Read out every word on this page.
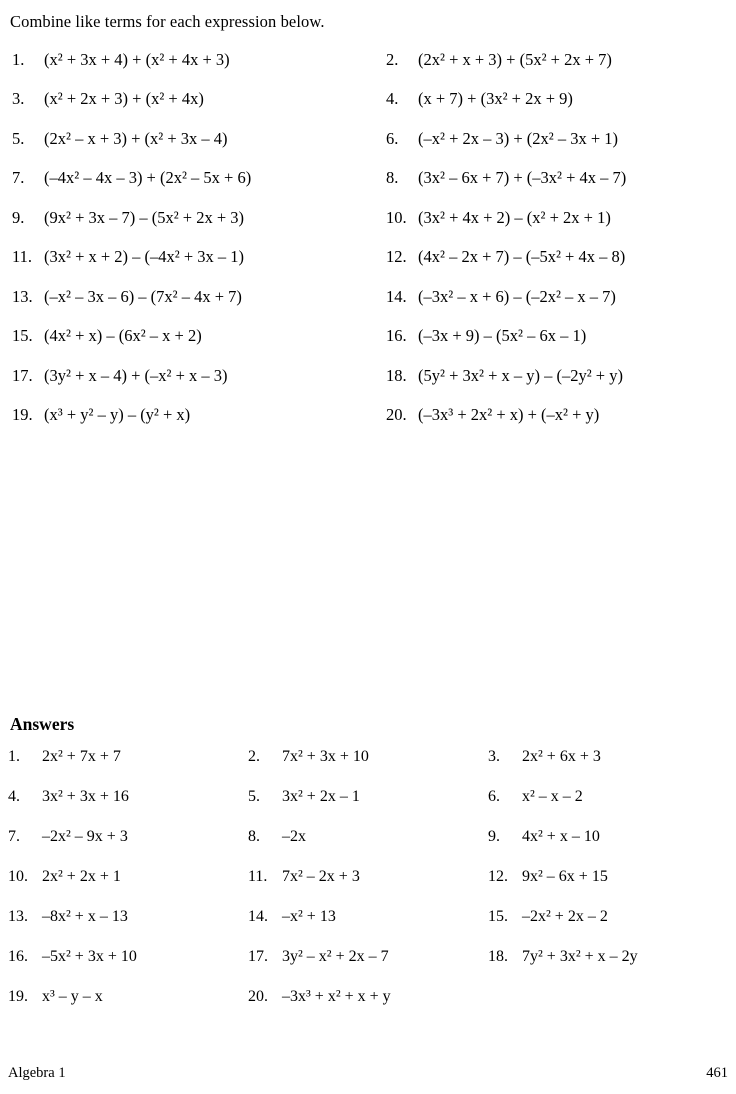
Combine like terms for each expression below.
1.	(x² + 3x + 4) + (x² + 4x + 3)	2.	(2x² + x + 3) + (5x² + 2x + 7)
3.	(x² + 2x + 3) + (x² + 4x)	4.	(x + 7) + (3x² + 2x + 9)
5.	(2x² – x + 3) + (x² + 3x – 4)	6.	(–x² + 2x – 3) + (2x² – 3x + 1)
7.	(–4x² – 4x – 3) + (2x² – 5x + 6)	8.	(3x² – 6x + 7) + (–3x² + 4x – 7)
9.	(9x² + 3x – 7) – (5x² + 2x + 3)	10. (3x² + 4x + 2) – (x² + 2x + 1)
11. (3x² + x + 2) – (–4x² + 3x – 1)	12. (4x² – 2x + 7) – (–5x² + 4x – 8)
13. (–x² – 3x – 6) – (7x² – 4x + 7)	14. (–3x² – x + 6) – (–2x² – x – 7)
15. (4x² + x) – (6x² – x + 2)	16. (–3x + 9) – (5x² – 6x – 1)
17. (3y² + x – 4) + (–x² + x – 3)	18. (5y² + 3x² + x – y) – (–2y² + y)
19. (x³ + y² – y) – (y² + x)	20. (–3x³ + 2x² + x) + (–x² + y)
Answers
1.	2x² + 7x + 7	2.	7x² + 3x + 10	3.	2x² + 6x + 3
4.	3x² + 3x + 16	5.	3x² + 2x – 1	6.	x² – x – 2
7.	–2x² – 9x + 3	8.	–2x	9.	4x² + x – 10
10. 2x² + 2x + 1	11. 7x² – 2x + 3	12. 9x² – 6x + 15
13. –8x² + x – 13	14. –x² + 13	15. –2x² + 2x – 2
16. –5x² + 3x + 10	17. 3y² – x² + 2x – 7	18. 7y² + 3x² + x – 2y
19. x³ – y – x	20. –3x³ + x² + x + y
Algebra 1	461
